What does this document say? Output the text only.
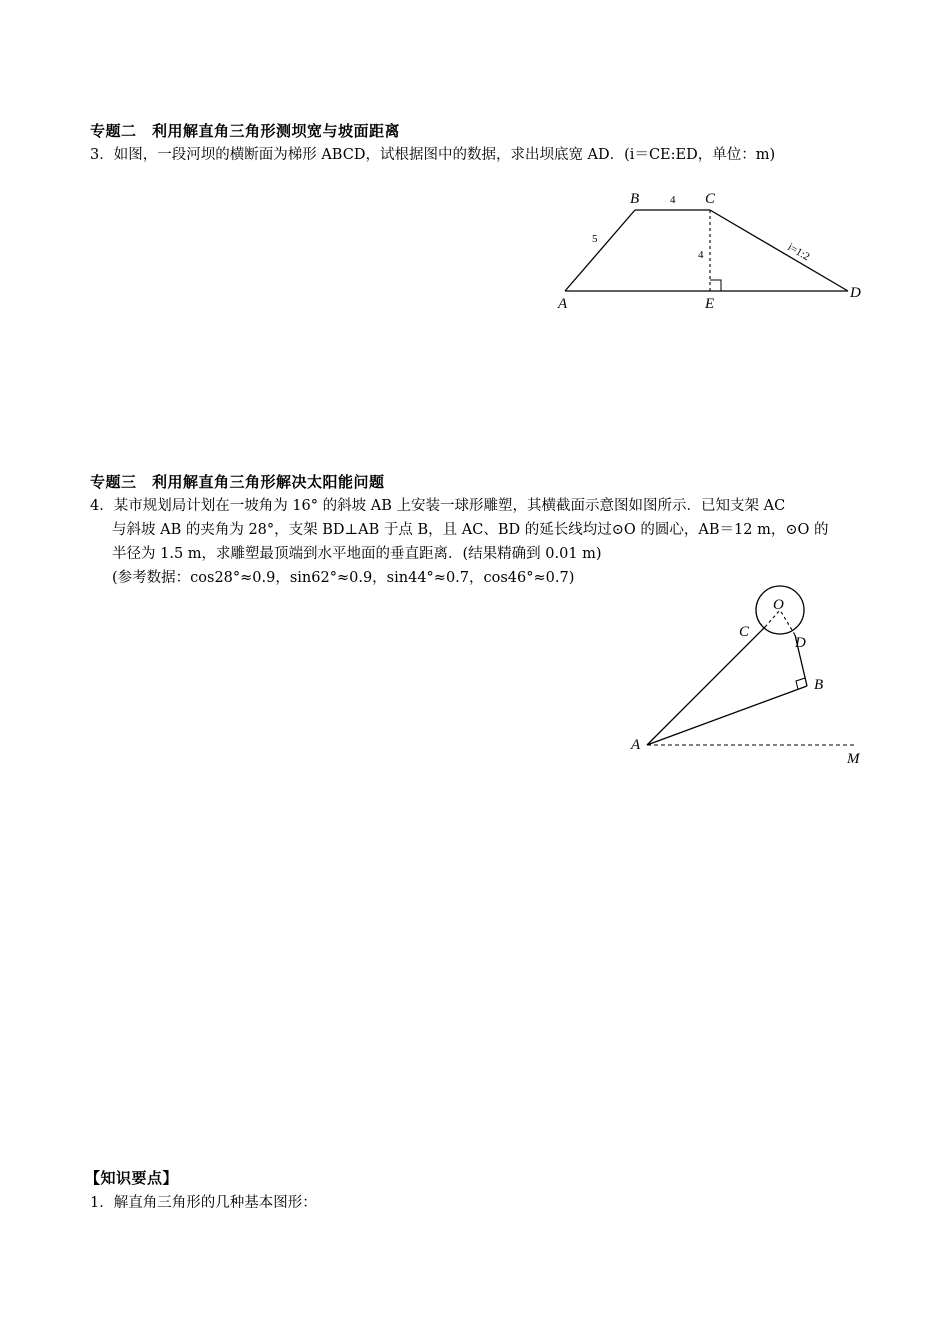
专题二　利用解直角三角形测坝宽与坡面距离
3．如图，一段河坝的横断面为梯形 ABCD，试根据图中的数据，求出坝底宽 AD．(i＝CE:ED，单位：m)
B	C
A	E
D
4
5
4	i=1:2
专题三　利用解直角三角形解决太阳能问题
4．某市规划局计划在一坡角为 16° 的斜坡 AB 上安装一球形雕塑，其横截面示意图如图所示．已知支架 AC
与斜坡 AB 的夹角为 28°，支架 BD⊥AB 于点 B，且 AC、BD 的延长线均过⊙O 的圆心，AB＝12 m，⊙O 的
半径为 1.5 m，求雕塑最顶端到水平地面的垂直距离．(结果精确到 0.01 m)
(参考数据：cos28°≈0.9，sin62°≈0.9，sin44°≈0.7，cos46°≈0.7)
O
C
D
B
A
M
【知识要点】
1．解直角三角形的几种基本图形：
